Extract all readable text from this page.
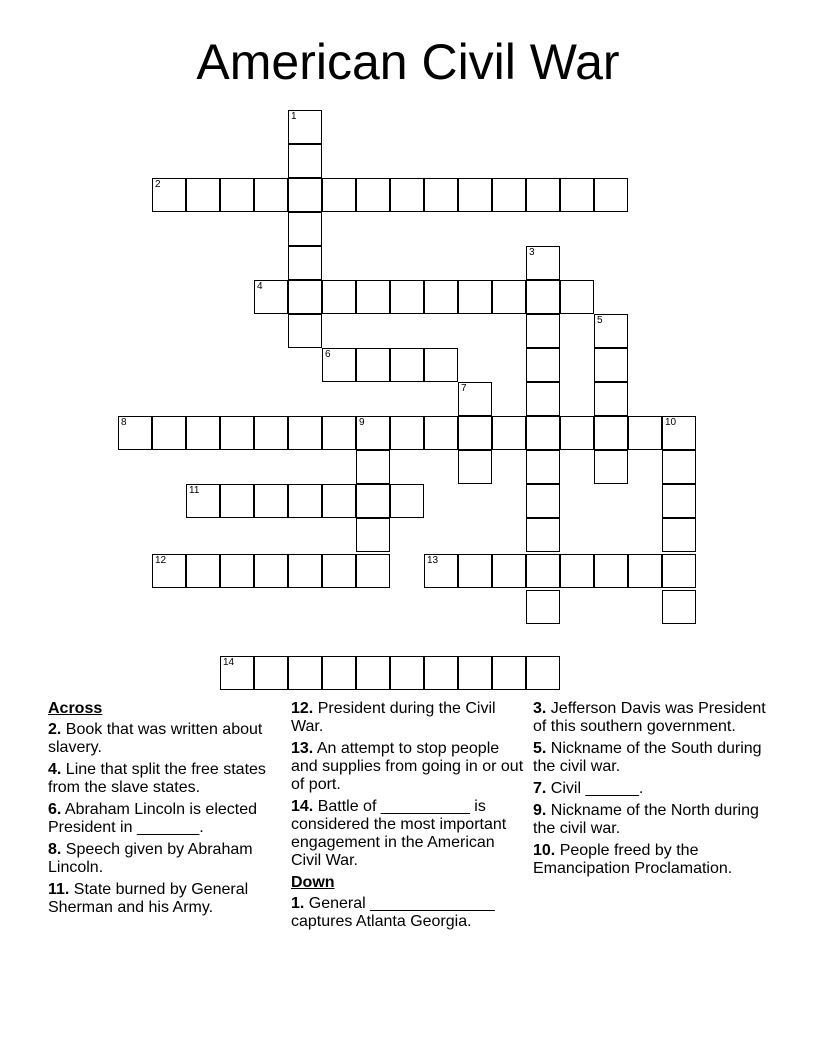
American Civil War
1
2
3
4
5
6
7
8	9	10
11
12	13
14
Across
2. Book that was written about slavery.
4. Line that split the free states from the slave states.
6. Abraham Lincoln is elected President in _______.
8. Speech given by Abraham Lincoln.
11. State burned by General Sherman and his Army.
12. President during the Civil War.
13. An attempt to stop people and supplies from going in or out of port.
14. Battle of __________ is considered the most important engagement in the American Civil War.
Down
1. General ______________ captures Atlanta Georgia.
3. Jefferson Davis was President of this southern government.
5. Nickname of the South during the civil war.
7. Civil ______.
9. Nickname of the North during the civil war.
10. People freed by the Emancipation Proclamation.
